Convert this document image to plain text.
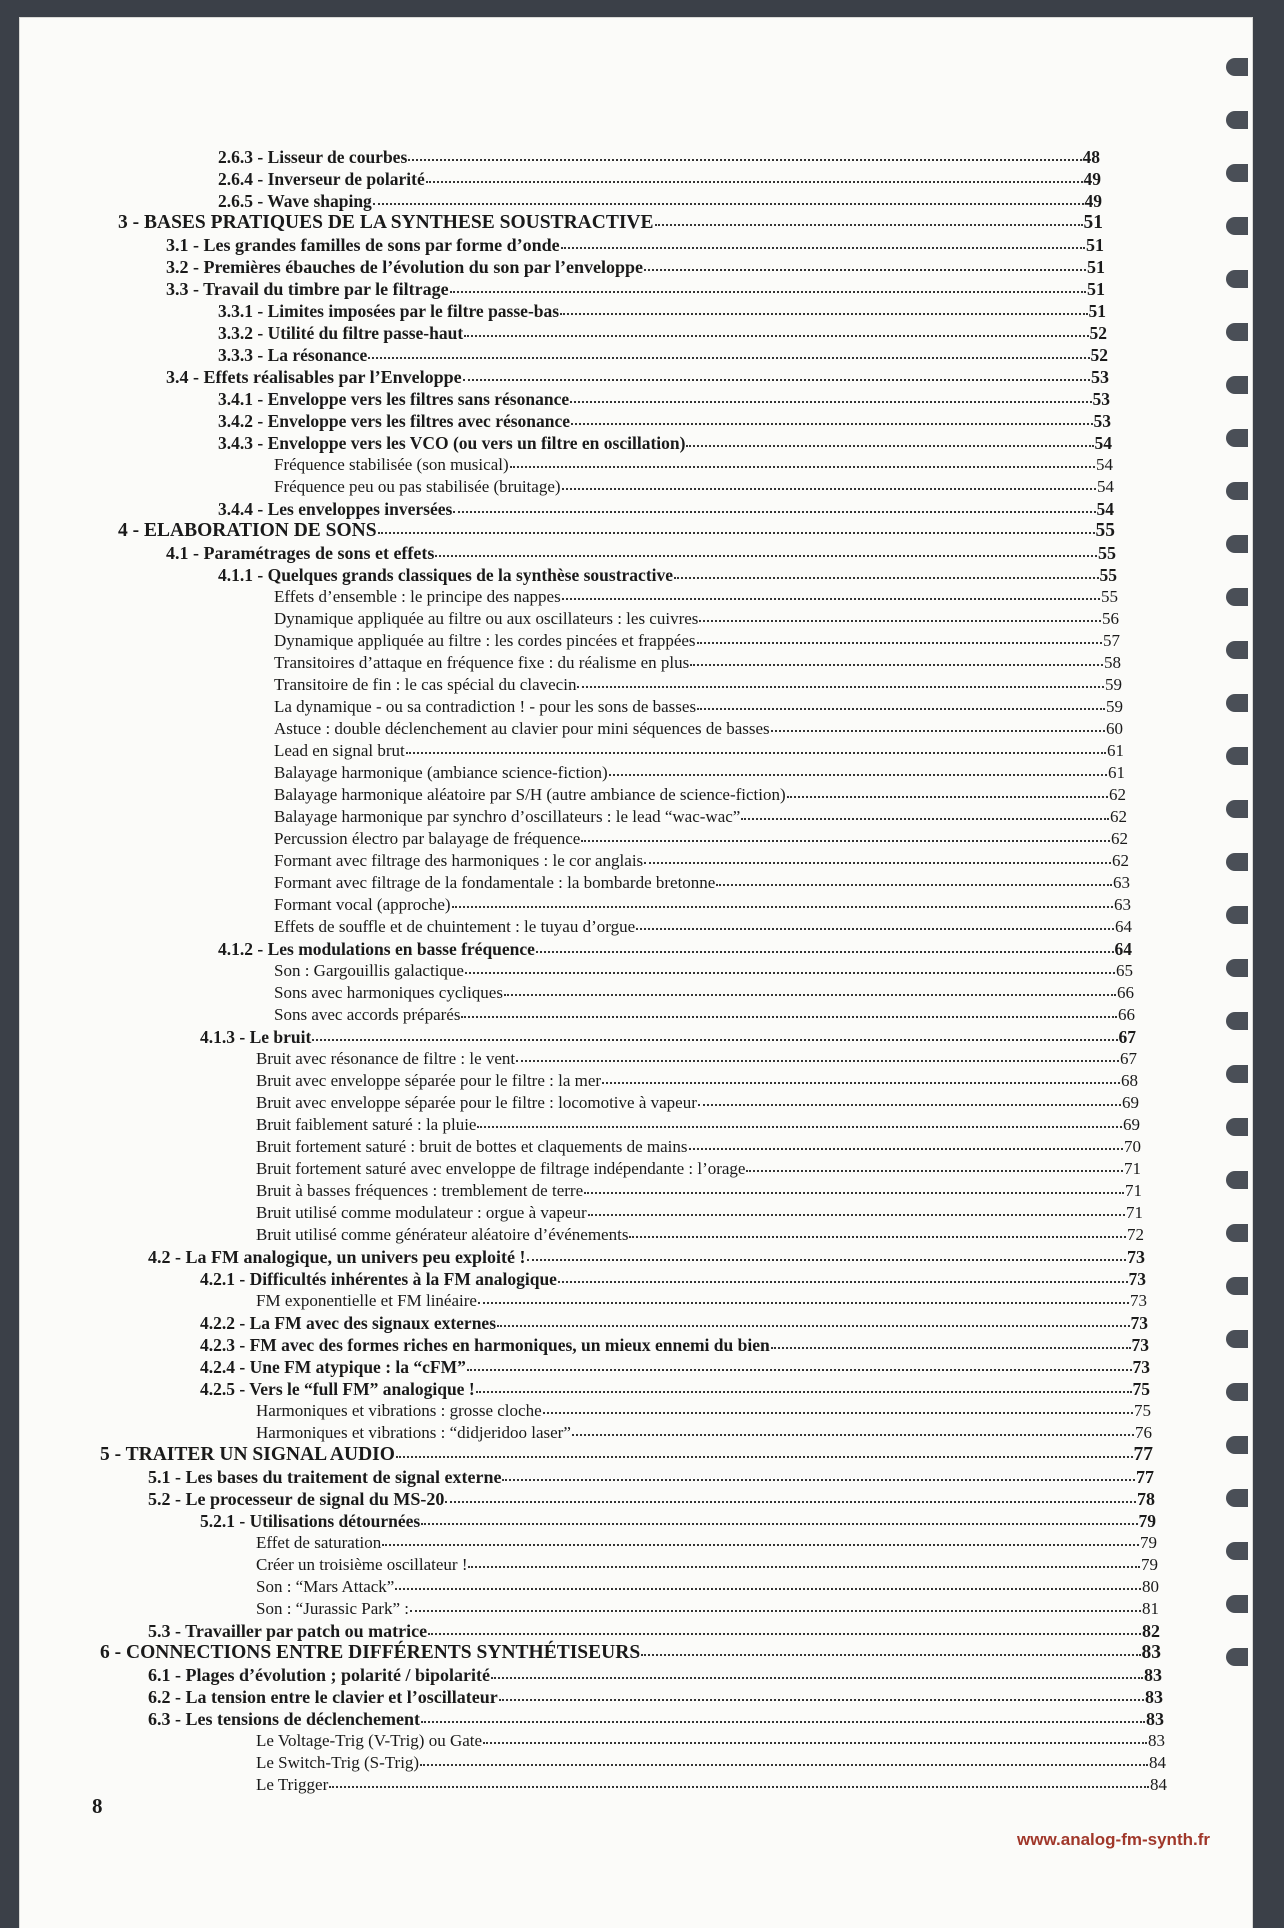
2.6.3 - Lisseur de courbes	48
2.6.4 - Inverseur de polarité	49
2.6.5 - Wave shaping	49
3 - BASES PRATIQUES DE LA SYNTHESE SOUSTRACTIVE	51
3.1 - Les grandes familles de sons par forme d’onde	51
3.2 - Premières ébauches de l’évolution du son par l’enveloppe	51
3.3 - Travail du timbre par le filtrage	51
3.3.1 - Limites imposées par le filtre passe-bas	51
3.3.2 - Utilité du filtre passe-haut	52
3.3.3 - La résonance	52
3.4 - Effets réalisables par l’Enveloppe	53
3.4.1 - Enveloppe vers les filtres sans résonance	53
3.4.2 - Enveloppe vers les filtres avec résonance	53
3.4.3 - Enveloppe vers les VCO (ou vers un filtre en oscillation)	54
Fréquence stabilisée (son musical)	54
Fréquence peu ou pas stabilisée (bruitage)	54
3.4.4 - Les enveloppes inversées	54
4 - ELABORATION DE SONS	55
4.1 - Paramétrages de sons et effets	55
4.1.1 - Quelques grands classiques de la synthèse soustractive	55
Effets d’ensemble : le principe des nappes	55
Dynamique appliquée au filtre ou aux oscillateurs : les cuivres	56
Dynamique appliquée au filtre : les cordes pincées et frappées	57
Transitoires d’attaque en fréquence fixe : du réalisme en plus	58
Transitoire de fin : le cas spécial du clavecin	59
La dynamique - ou sa contradiction ! - pour les sons de basses	59
Astuce : double déclenchement au clavier pour mini séquences de basses	60
Lead en signal brut	61
Balayage harmonique (ambiance science-fiction)	61
Balayage harmonique aléatoire par S/H (autre ambiance de science-fiction)	62
Balayage harmonique par synchro d’oscillateurs : le lead “wac-wac”	62
Percussion électro par balayage de fréquence	62
Formant avec filtrage des harmoniques : le cor anglais	62
Formant avec filtrage de la fondamentale : la bombarde bretonne	63
Formant vocal (approche)	63
Effets de souffle et de chuintement : le tuyau d’orgue	64
4.1.2 - Les modulations en basse fréquence	64
Son : Gargouillis galactique	65
Sons avec harmoniques cycliques	66
Sons avec accords préparés	66
4.1.3 - Le bruit	67
Bruit avec résonance de filtre : le vent	67
Bruit avec enveloppe séparée pour le filtre : la mer	68
Bruit avec enveloppe séparée pour le filtre : locomotive à vapeur	69
Bruit faiblement saturé : la pluie	69
Bruit fortement saturé : bruit de bottes et claquements de mains	70
Bruit fortement saturé avec enveloppe de filtrage indépendante : l’orage	71
Bruit à basses fréquences : tremblement de terre	71
Bruit utilisé comme modulateur : orgue à vapeur	71
Bruit utilisé comme générateur aléatoire d’événements	72
4.2 - La FM analogique, un univers peu exploité !	73
4.2.1 - Difficultés inhérentes à la FM analogique	73
FM exponentielle et FM linéaire	73
4.2.2 - La FM avec des signaux externes	73
4.2.3 - FM avec des formes riches en harmoniques, un mieux ennemi du bien	73
4.2.4 - Une FM atypique : la “cFM”	73
4.2.5 - Vers le “full FM” analogique !	75
Harmoniques et vibrations : grosse cloche	75
Harmoniques et vibrations : “didjeridoo laser”	76
5 - TRAITER UN SIGNAL AUDIO	77
5.1 - Les bases du traitement de signal externe	77
5.2 - Le processeur de signal du MS-20	78
5.2.1 - Utilisations détournées	79
Effet de saturation	79
Créer un troisième oscillateur !	79
Son : “Mars Attack”	80
Son : “Jurassic Park” :	81
5.3 - Travailler par patch ou matrice	82
6 - CONNECTIONS ENTRE DIFFÉRENTS SYNTHÉTISEURS	83
6.1 - Plages d’évolution ; polarité / bipolarité	83
6.2 - La tension entre le clavier et l’oscillateur	83
6.3 - Les tensions de déclenchement	83
Le Voltage-Trig (V-Trig) ou Gate	83
Le Switch-Trig (S-Trig)	84
Le Trigger	84
8
www.analog-fm-synth.fr
